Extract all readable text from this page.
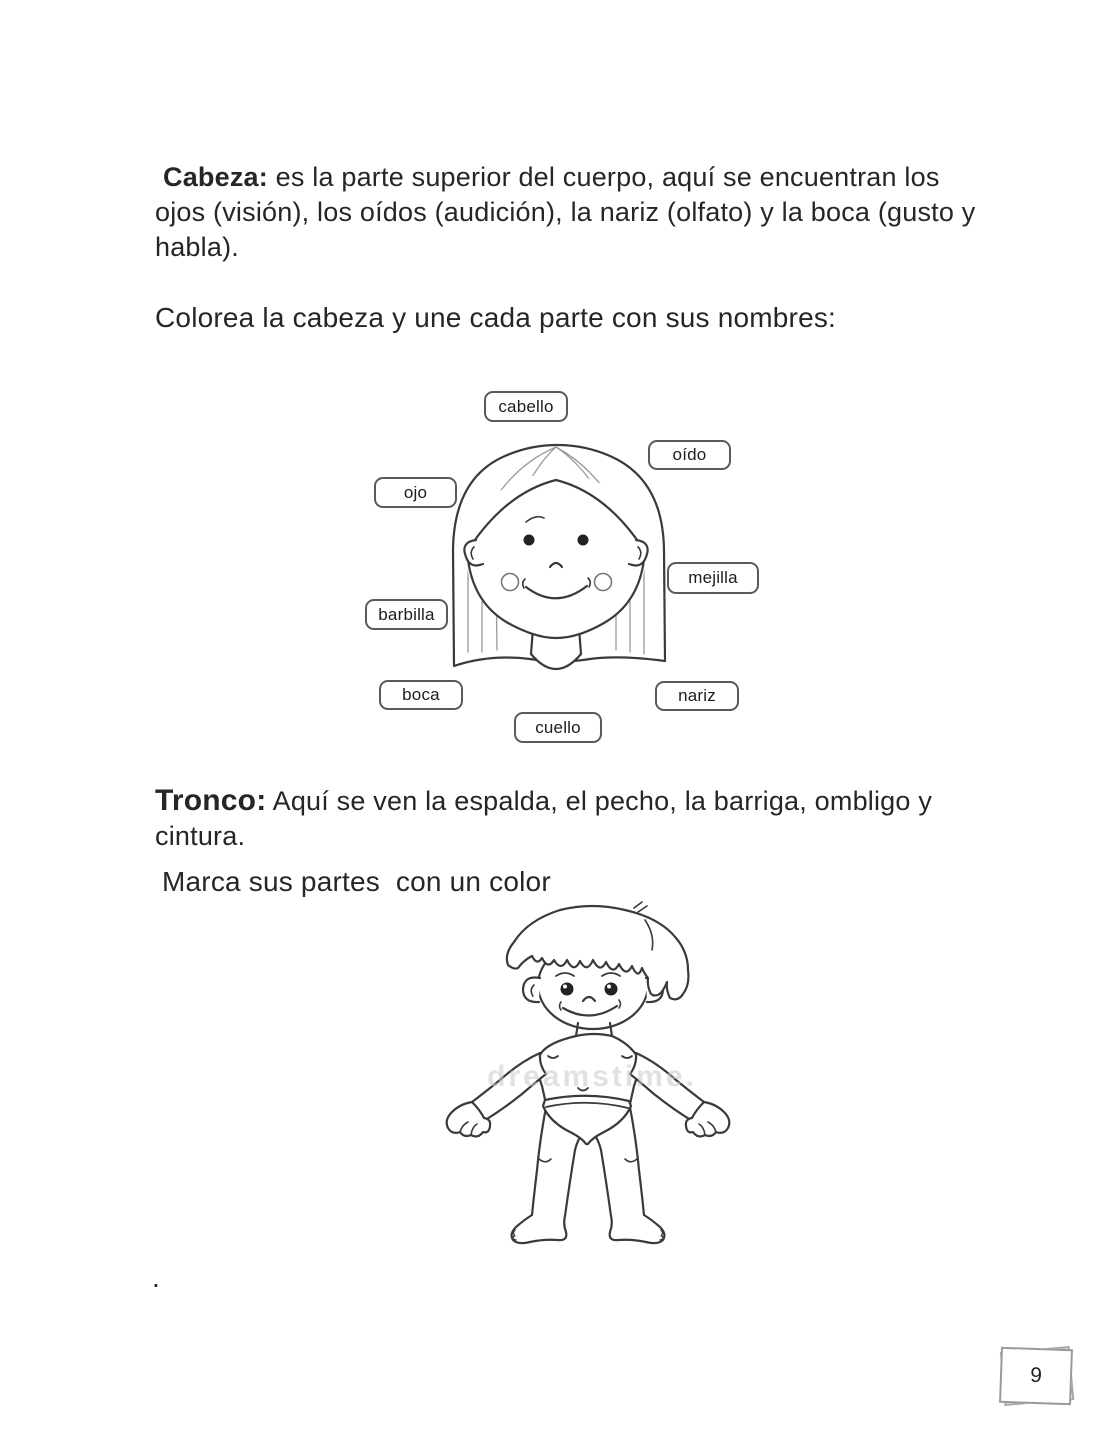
Cabeza: es la parte superior del cuerpo, aquí se encuentran los ojos (visión), los oídos (audición), la nariz (olfato) y la boca (gusto y habla).

Colorea la cabeza y une cada parte con sus nombres:

cabello
oído
ojo
mejilla
barbilla
boca	nariz
cuello

Tronco: Aquí se ven la espalda, el pecho, la barriga, ombligo y cintura.

Marca sus partes  con un color

dreamstime.

.

9
